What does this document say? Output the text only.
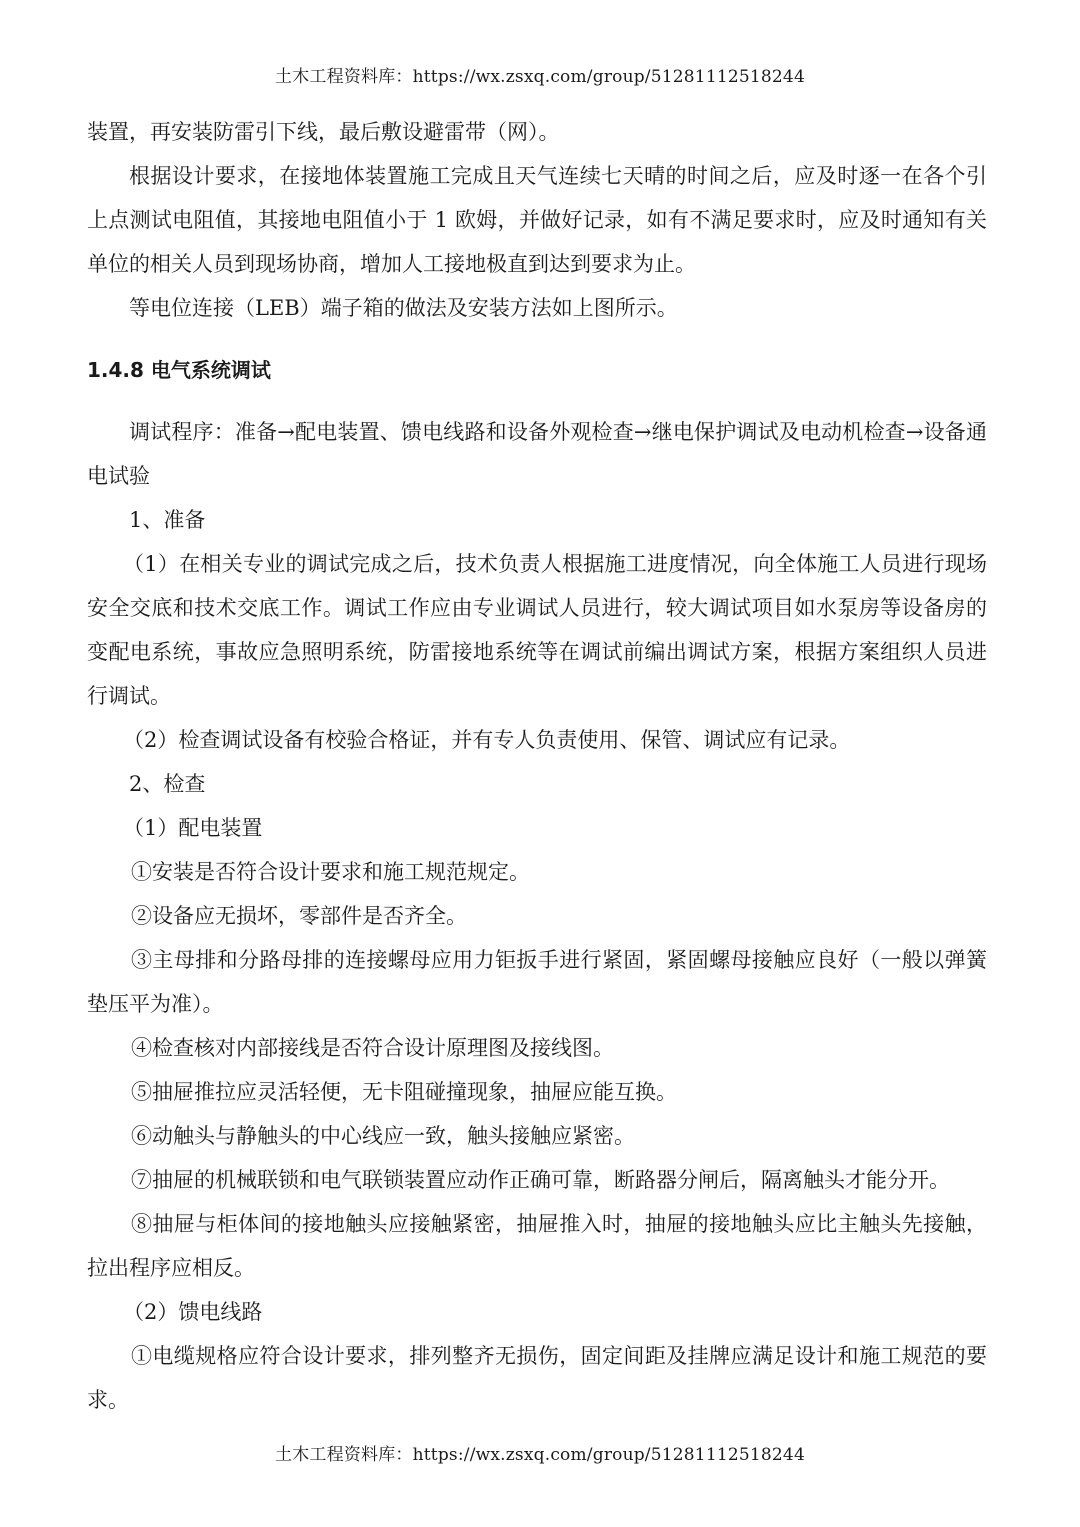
土木工程资料库：https://wx.zsxq.com/group/51281112518244

装置，再安装防雷引下线，最后敷设避雷带（网）。

根据设计要求，在接地体装置施工完成且天气连续七天晴的时间之后，应及时逐一在各个引上点测试电阻值，其接地电阻值小于 1 欧姆，并做好记录，如有不满足要求时，应及时通知有关单位的相关人员到现场协商，增加人工接地极直到达到要求为止。

等电位连接（LEB）端子箱的做法及安装方法如上图所示。

1.4.8 电气系统调试

调试程序：准备→配电装置、馈电线路和设备外观检查→继电保护调试及电动机检查→设备通电试验

1、准备

（1）在相关专业的调试完成之后，技术负责人根据施工进度情况，向全体施工人员进行现场安全交底和技术交底工作。调试工作应由专业调试人员进行，较大调试项目如水泵房等设备房的变配电系统，事故应急照明系统，防雷接地系统等在调试前编出调试方案，根据方案组织人员进行调试。

（2）检查调试设备有校验合格证，并有专人负责使用、保管、调试应有记录。

2、检查

（1）配电装置

①安装是否符合设计要求和施工规范规定。

②设备应无损坏，零部件是否齐全。

③主母排和分路母排的连接螺母应用力钜扳手进行紧固，紧固螺母接触应良好（一般以弹簧垫压平为准）。

④检查核对内部接线是否符合设计原理图及接线图。

⑤抽屉推拉应灵活轻便，无卡阻碰撞现象，抽屉应能互换。

⑥动触头与静触头的中心线应一致，触头接触应紧密。

⑦抽屉的机械联锁和电气联锁装置应动作正确可靠，断路器分闸后，隔离触头才能分开。

⑧抽屉与柜体间的接地触头应接触紧密，抽屉推入时，抽屉的接地触头应比主触头先接触，拉出程序应相反。

（2）馈电线路

①电缆规格应符合设计要求，排列整齐无损伤，固定间距及挂牌应满足设计和施工规范的要求。

土木工程资料库：https://wx.zsxq.com/group/51281112518244
